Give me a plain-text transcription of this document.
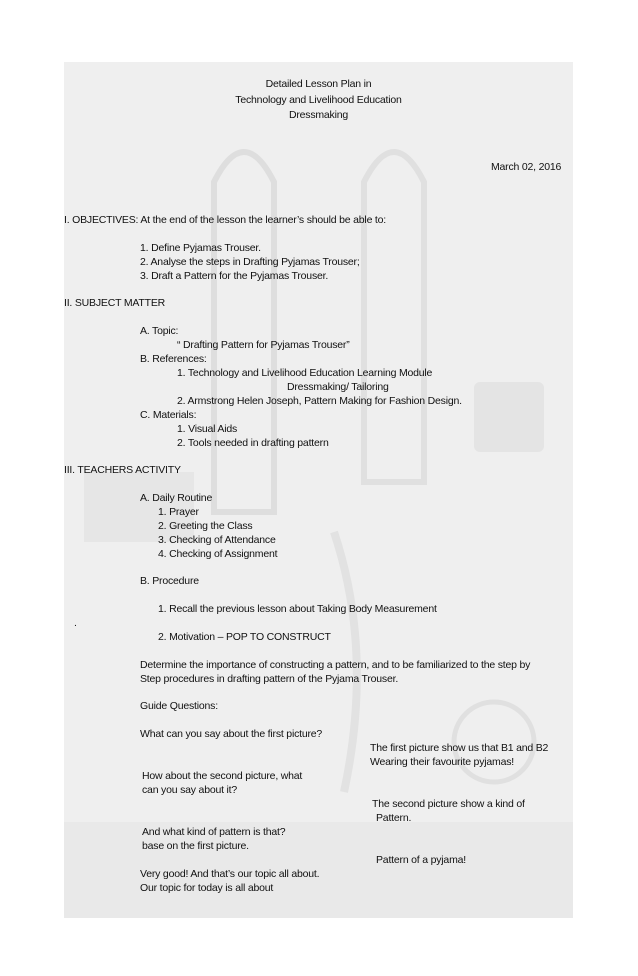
Detailed Lesson Plan in
Technology and Livelihood Education
Dressmaking
March 02, 2016
I. OBJECTIVES: At the end of the lesson the learner’s should be able to:
1. Define Pyjamas Trouser.
2. Analyse the steps in Drafting Pyjamas Trouser;
3. Draft a Pattern for the Pyjamas Trouser.
II. SUBJECT MATTER
A. Topic:
“ Drafting Pattern for Pyjamas Trouser”
B. References:
1. Technology and Livelihood Education Learning Module
Dressmaking/ Tailoring
2. Armstrong Helen Joseph, Pattern Making for Fashion Design.
C. Materials:
1. Visual Aids
2. Tools needed in drafting pattern
III. TEACHERS ACTIVITY
A. Daily Routine
1. Prayer
2. Greeting the Class
3. Checking of Attendance
4. Checking of Assignment
B. Procedure
1. Recall the previous lesson about Taking Body Measurement
.
2. Motivation – POP TO CONSTRUCT
Determine the importance of constructing a pattern, and to be familiarized to the step by
Step procedures in drafting pattern of the Pyjama Trouser.
Guide Questions:
What can you say about the first picture?
The first picture show us that B1 and B2
Wearing their favourite pyjamas!
How about the second picture, what
can you say about it?
The second picture show a kind of
Pattern.
And what kind of pattern is that?
base on the first picture.
Pattern of a pyjama!
Very good! And that’s our topic all about.
Our topic for today is all about
